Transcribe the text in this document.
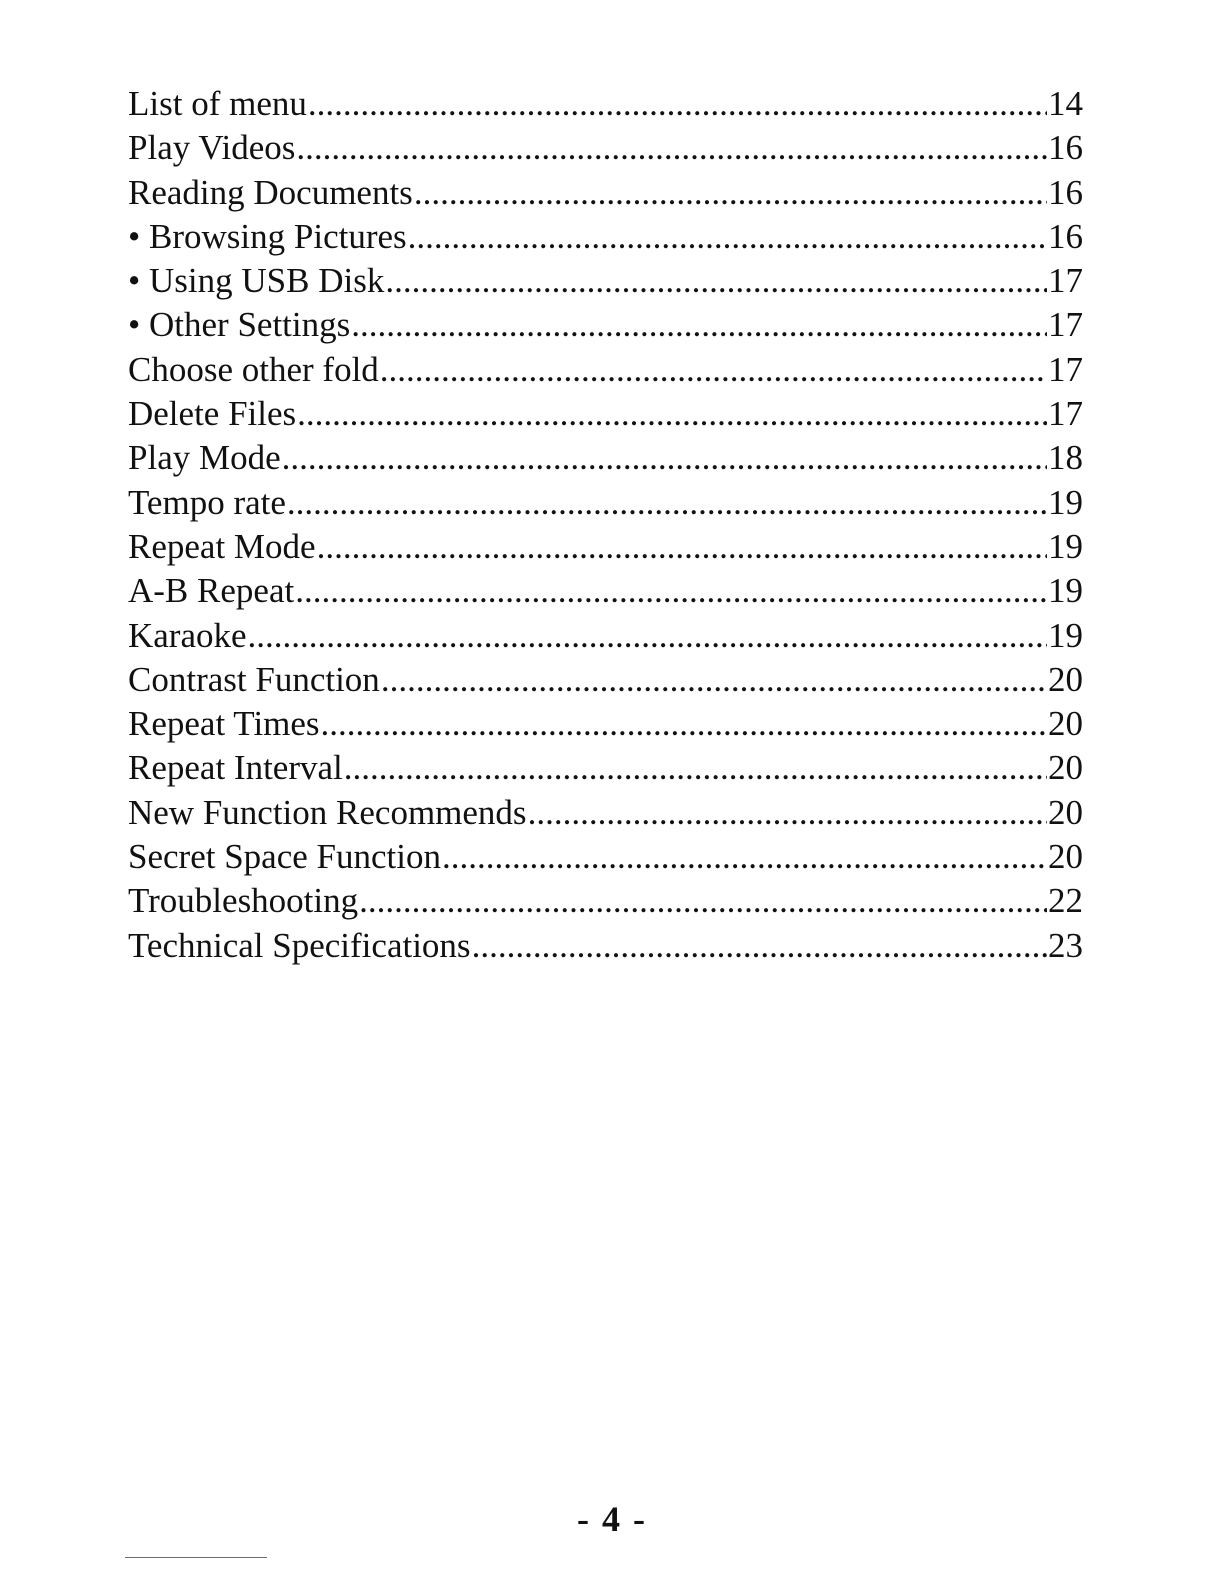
List of menu .....	14
Play Videos .....	16
Reading Documents .....	16
• Browsing Pictures .....	16
• Using USB Disk .....	17
• Other Settings .....	17
Choose other fold .....	17
Delete Files .....	17
Play Mode .....	18
Tempo rate .....	19
Repeat Mode .....	19
A-B Repeat .....	19
Karaoke .....	19
Contrast Function .....	20
Repeat Times .....	20
Repeat Interval .....	20
New Function Recommends .....	20
Secret Space Function .....	20
Troubleshooting .....	22
Technical Specifications .....	23
- 4 -
